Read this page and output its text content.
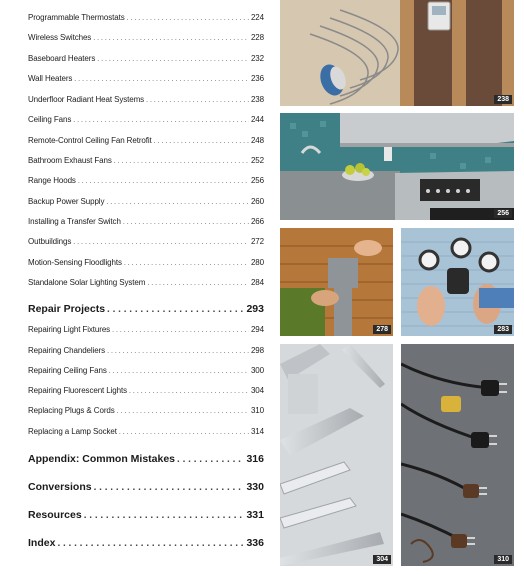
Programmable Thermostats . . .	224
Wireless Switches . . .	228
Baseboard Heaters . . .	232
Wall Heaters . . .	236
Underfloor Radiant Heat Systems . . .	238
Ceiling Fans . . .	244
Remote-Control Ceiling Fan Retrofit . . .	248
Bathroom Exhaust Fans . . .	252
Range Hoods . . .	256
Backup Power Supply . . .	260
Installing a Transfer Switch . . .	266
Outbuildings . . .	272
Motion-Sensing Floodlights . . .	280
Standalone Solar Lighting System . . .	284
Repair Projects . . .	293
Repairing Light Fixtures . . .	294
Repairing Chandeliers . . .	298
Repairing Ceiling Fans . . .	300
Repairing Fluorescent Lights . . .	304
Replacing Plugs & Cords . . .	310
Replacing a Lamp Socket . . .	314
Appendix: Common Mistakes . . .	316
Conversions . . .	330
Resources . . .	331
Index . . .	336
238
256
278	283
304	310
